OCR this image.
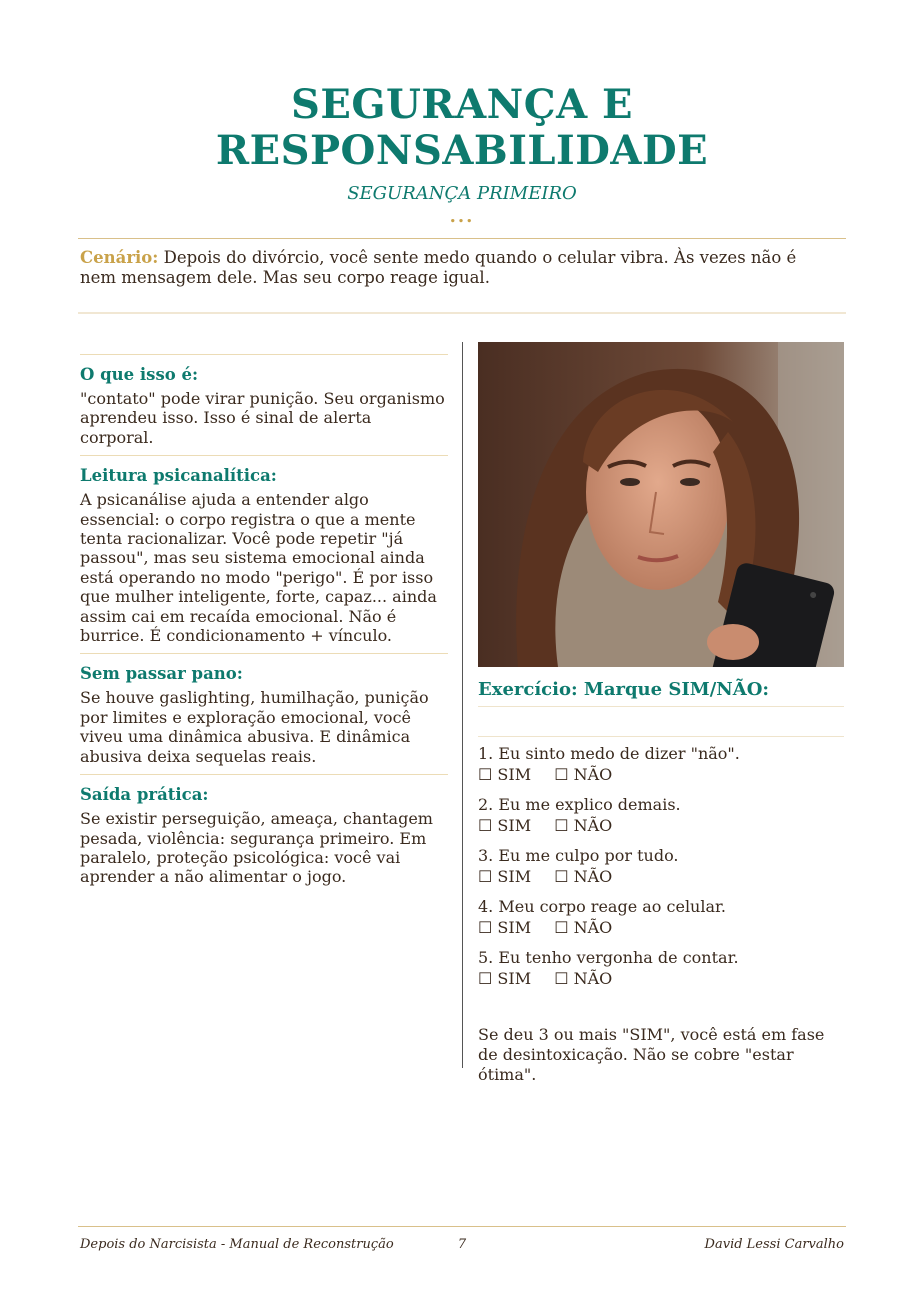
SEGURANÇA E
RESPONSABILIDADE

SEGURANÇA PRIMEIRO

...

Cenário: Depois do divórcio, você sente medo quando o celular vibra. Às vezes não é nem mensagem dele. Mas seu corpo reage igual.

O que isso é:

"contato" pode virar punição. Seu organismo aprendeu isso. Isso é sinal de alerta corporal.

Leitura psicanalítica:

A psicanálise ajuda a entender algo essencial: o corpo registra o que a mente tenta racionalizar. Você pode repetir "já passou", mas seu sistema emocional ainda está operando no modo "perigo". É por isso que mulher inteligente, forte, capaz... ainda assim cai em recaída emocional. Não é burrice. É condicionamento + vínculo.

Sem passar pano:

Se houve gaslighting, humilhação, punição por limites e exploração emocional, você viveu uma dinâmica abusiva. E dinâmica abusiva deixa sequelas reais.

Saída prática:

Se existir perseguição, ameaça, chantagem pesada, violência: segurança primeiro. Em paralelo, proteção psicológica: você vai aprender a não alimentar o jogo.

Exercício: Marque SIM/NÃO:
1. Eu sinto medo de dizer "não".
☐ SIM ☐ NÃO
2. Eu me explico demais.
☐ SIM ☐ NÃO
3. Eu me culpo por tudo.
☐ SIM ☐ NÃO
4. Meu corpo reage ao celular.
☐ SIM ☐ NÃO
5. Eu tenho vergonha de contar.
☐ SIM ☐ NÃO

Se deu 3 ou mais "SIM", você está em fase de desintoxicação. Não se cobre "estar ótima".

Depois do Narcisista - Manual de Reconstrução	7	David Lessi Carvalho
